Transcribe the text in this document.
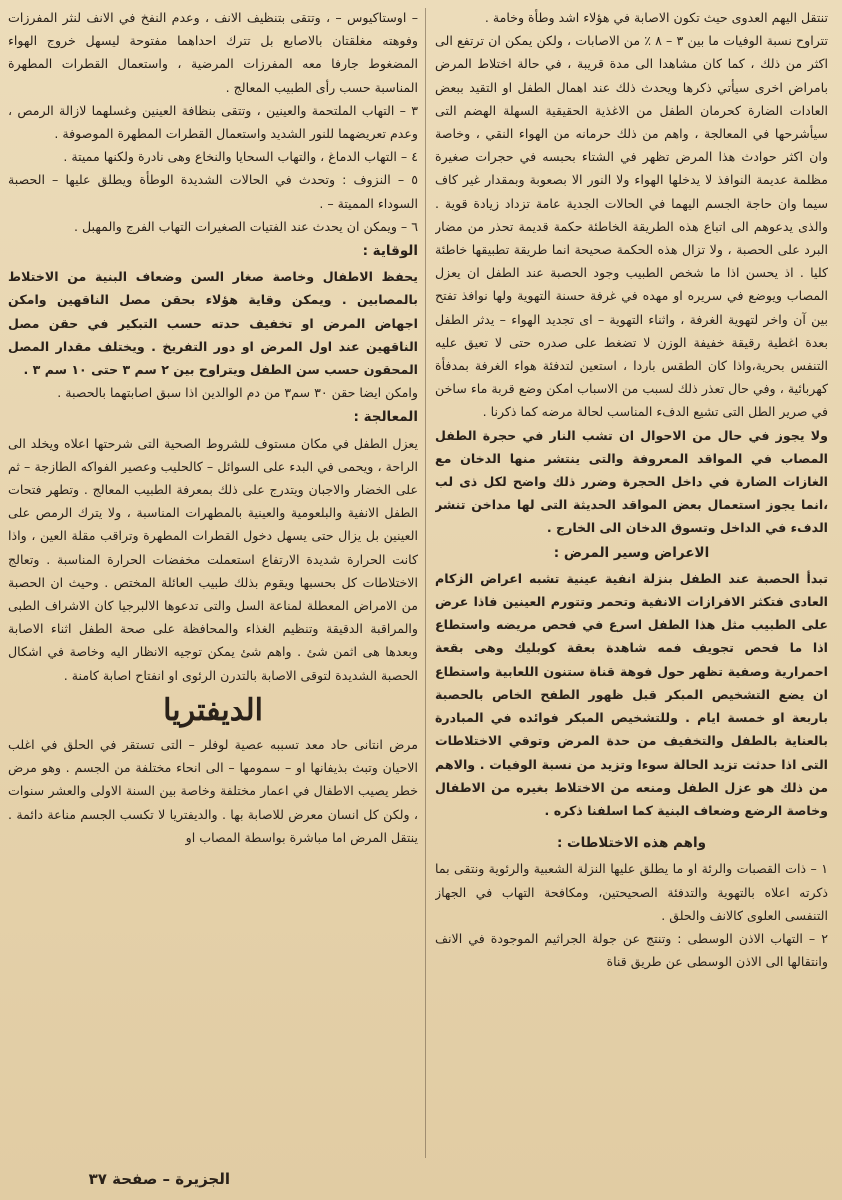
تنتقل اليهم العدوى حيث تكون الاصابة في هؤلاء اشد وطأة وخامة .

تتراوح نسبة الوفيات ما بين ٣ – ٨ ٪ من الاصابات ، ولكن يمكن ان ترتفع الى اكثر من ذلك ، كما كان مشاهدا الى مدة قريبة ، في حالة اختلاط المرض بامراض اخرى سيأتي ذكرها ويحدث ذلك عند اهمال الطفل او التقيد ببعض العادات الضارة كحرمان الطفل من الاغذية الحقيقية السهلة الهضم التى سيأشرحها في المعالجة ، واهم من ذلك حرمانه من الهواء النقي ، وخاصة وان اكثر حوادث هذا المرض تظهر في الشتاء بحبسه في حجرات صغيرة مظلمة عديمة النوافذ لا يدخلها الهواء ولا النور الا بصعوبة وبمقدار غير كاف سيما وان حاجة الجسم اليهما في الحالات الجدية عامة تزداد زيادة قوية . والذى يدعوهم الى اتباع هذه الطريقة الخاطئة حكمة قديمة تحذر من مضار البرد على الحصبة ، ولا تزال هذه الحكمة صحيحة انما طريقة تطبيقها خاطئة كليا . اذ يحسن اذا ما شخص الطبيب وجود الحصبة عند الطفل ان يعزل المصاب ويوضع في سريره او مهده في غرفة حسنة التهوية ولها نوافذ تفتح بين آن واخر لتهوية الغرفة ، واثناء التهوية – اى تجديد الهواء – يدثر الطفل بعدة اغطية رقيقة خفيفة الوزن لا تضغط على صدره حتى لا تعيق عليه التنفس بحرية،واذا كان الطقس باردا ، استعين لتدفئة هواء الغرفة بمدفأة كهربائية ، وفي حال تعذر ذلك لسبب من الاسباب امكن وضع قربة ماء ساخن في صرير الطل التى تشيع الدفء المناسب لحالة مرضه كما ذكرنا .

ولا يجوز في حال من الاحوال ان تشب النار في حجرة الطفل المصاب في المواقد المعروفة والتى ينتشر منها الدخان مع الغازات الضارة في داخل الحجرة وضرر ذلك واضح لكل ذى لب ،انما يجوز استعمال بعض المواقد الحديثة التى لها مداخن تنشر الدفء في الداخل وتسوق الدخان الى الخارج .

الاعراض وسير المرض :

تبدأ الحصبة عند الطفل بنزلة انفية عينية تشبه اعراض الزكام العادى فتكثر الافرازات الانفية وتحمر وتتورم العينين فاذا عرض على الطبيب مثل هذا الطفل اسرع في فحص مريضه واستطاع اذا ما فحص تجويف فمه شاهدة بعقة كوبليك وهى بقعة احمرارية وصفية تظهر حول فوهة قناة ستنون اللعابية واستطاع ان يضع التشخيص المبكر قبل ظهور الطفح الخاص بالحصبة باربعة او خمسة ايام . وللتشخيص المبكر فوائده في المبادرة بالعناية بالطفل والتخفيف من حدة المرض وتوقي الاختلاطات التى اذا حدثت تزيد الحالة سوءا وتزيد من نسبة الوفيات . والاهم من ذلك هو عزل الطفل ومنعه من الاختلاط بغيره من الاطفال وخاصة الرضع وضعاف البنية كما اسلفنا ذكره .

واهم هذه الاختلاطات :

١ – ذات القصبات والرئة او ما يطلق عليها النزلة الشعبية والرئوية ونتقى بما ذكرته اعلاه بالتهوية والتدفئة الصحيحتين، ومكافحة التهاب في الجهاز التنفسى العلوى كالانف والحلق .

٢ – التهاب الاذن الوسطى : وتنتج عن جولة الجراثيم الموجودة في الانف وانتقالها الى الاذن الوسطى عن طريق قناة

– اوستاكيوس – ، وتتقى بتنظيف الانف ، وعدم النفخ في الانف لنثر المفرزات وفوهته مغلقتان بالاصابع بل تترك احداهما مفتوحة ليسهل خروج الهواء المضغوط جارفا معه المفرزات المرضية ، واستعمال القطرات المطهرة المناسبة حسب رأى الطبيب المعالج .

٣ – التهاب الملتحمة والعينين ، وتتقى بنظافة العينين وغسلهما لازالة الرمص ، وعدم تعريضهما للنور الشديد واستعمال القطرات المطهرة الموصوفة .

٤ – التهاب الدماغ ، والتهاب السحايا والنخاع وهى نادرة ولكنها مميتة .

٥ – النزوف : وتحدث في الحالات الشديدة الوطأة ويطلق عليها – الحصبة السوداء المميتة – .

٦ – ويمكن ان يحدث عند الفتيات الصغيرات التهاب الفرج والمهبل .

الوقاية :

يحفظ الاطفال وخاصة صغار السن وضعاف البنية من الاختلاط بالمصابين . ويمكن وقاية هؤلاء بحقن مصل الناقهين وامكن اجهاض المرض او تخفيف حدته حسب التبكير في حقن مصل الناقهين عند اول المرض او دور التفريخ . ويختلف مقدار المصل المحقون حسب سن الطفل ويتراوح بين ٢ سم ٣ حتى ١٠ سم ٣ .

وامكن ايضا حقن ٣٠ سم٣ من دم الوالدين اذا سبق اصابتهما بالحصبة .

المعالجة :

يعزل الطفل في مكان مستوف للشروط الصحية التى شرحتها اعلاه ويخلد الى الراحة ، ويحمى في البدء على السوائل – كالحليب وعصير الفواكه الطازجة – ثم على الخضار والاجبان ويتدرج على ذلك بمعرفة الطبيب المعالج . وتطهر فتحات الطفل الانفية والبلعومية والعينية بالمطهرات المناسبة ، ولا يترك الرمص على العينين بل يزال حتى يسهل دخول القطرات المطهرة وتراقب مقلة العين ، واذا كانت الحرارة شديدة الارتفاع استعملت مخفضات الحرارة المناسبة . وتعالج الاختلاطات كل بحسبها ويقوم بذلك طبيب العائلة المختص . وحيث ان الحصبة من الامراض المعطلة لمناعة السل والتى تدعوها الالبرجيا كان الاشراف الطبى والمراقبة الدقيقة وتنظيم الغذاء والمحافظة على صحة الطفل اثناء الاصابة وبعدها هى اثمن شئ . واهم شئ يمكن توجيه الانظار اليه وخاصة في اشكال الحصبة الشديدة لتوقى الاصابة بالتدرن الرئوى او انفتاح اصابة كامنة .

الديفتريا

مرض انتانى حاد معد تسببه عصية لوفلر – التى تستقر في الحلق في اغلب الاحيان وتبث بذيفانها او – سمومها – الى انحاء مختلفة من الجسم . وهو مرض خطر يصيب الاطفال في اعمار مختلفة وخاصة بين السنة الاولى والعشر سنوات ، ولكن كل انسان معرض للاصابة بها . والديفتريا لا تكسب الجسم مناعة دائمة . ينتقل المرض اما مباشرة بواسطة المصاب او

الجزيرة – صفحة ٣٧
